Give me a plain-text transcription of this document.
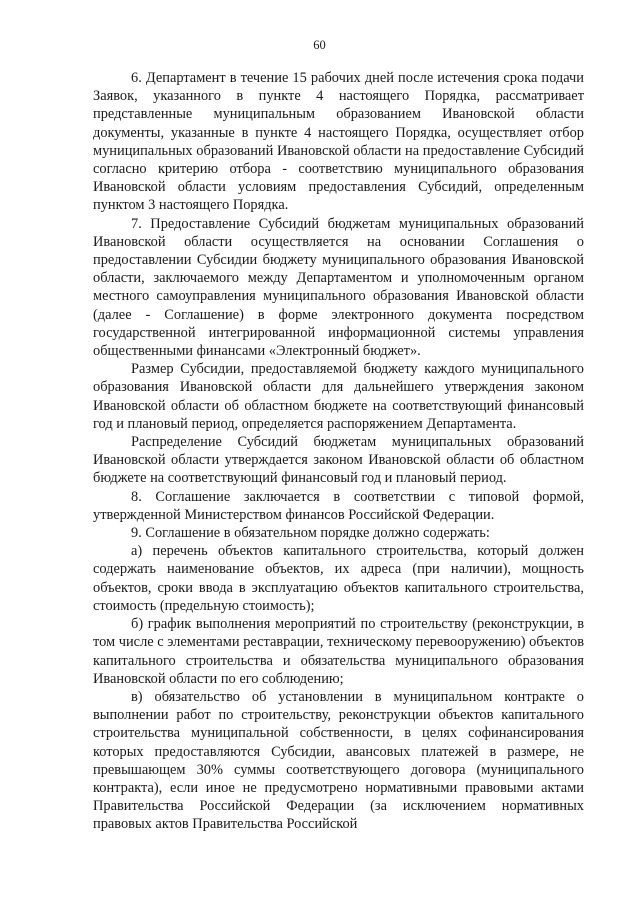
60

6. Департамент в течение 15 рабочих дней после истечения срока подачи Заявок, указанного в пункте 4 настоящего Порядка, рассматривает представленные муниципальным образованием Ивановской области документы, указанные в пункте 4 настоящего Порядка, осуществляет отбор муниципальных образований Ивановской области на предоставление Субсидий согласно критерию отбора - соответствию муниципального образования Ивановской области условиям предоставления Субсидий, определенным пунктом 3 настоящего Порядка.

7. Предоставление Субсидий бюджетам муниципальных образований Ивановской области осуществляется на основании Соглашения о предоставлении Субсидии бюджету муниципального образования Ивановской области, заключаемого между Департаментом и уполномоченным органом местного самоуправления муниципального образования Ивановской области (далее - Соглашение) в форме электронного документа посредством государственной интегрированной информационной системы управления общественными финансами «Электронный бюджет».

Размер Субсидии, предоставляемой бюджету каждого муниципального образования Ивановской области для дальнейшего утверждения законом Ивановской области об областном бюджете на соответствующий финансовый год и плановый период, определяется распоряжением Департамента.

Распределение Субсидий бюджетам муниципальных образований Ивановской области утверждается законом Ивановской области об областном бюджете на соответствующий финансовый год и плановый период.

8. Соглашение заключается в соответствии с типовой формой, утвержденной Министерством финансов Российской Федерации.

9. Соглашение в обязательном порядке должно содержать:

а) перечень объектов капитального строительства, который должен содержать наименование объектов, их адреса (при наличии), мощность объектов, сроки ввода в эксплуатацию объектов капитального строительства, стоимость (предельную стоимость);

б) график выполнения мероприятий по строительству (реконструкции, в том числе с элементами реставрации, техническому перевооружению) объектов капитального строительства и обязательства муниципального образования Ивановской области по его соблюдению;

в) обязательство об установлении в муниципальном контракте о выполнении работ по строительству, реконструкции объектов капитального строительства муниципальной собственности, в целях софинансирования которых предоставляются Субсидии, авансовых платежей в размере, не превышающем 30% суммы соответствующего договора (муниципального контракта), если иное не предусмотрено нормативными правовыми актами Правительства Российской Федерации (за исключением нормативных правовых актов Правительства Российской
